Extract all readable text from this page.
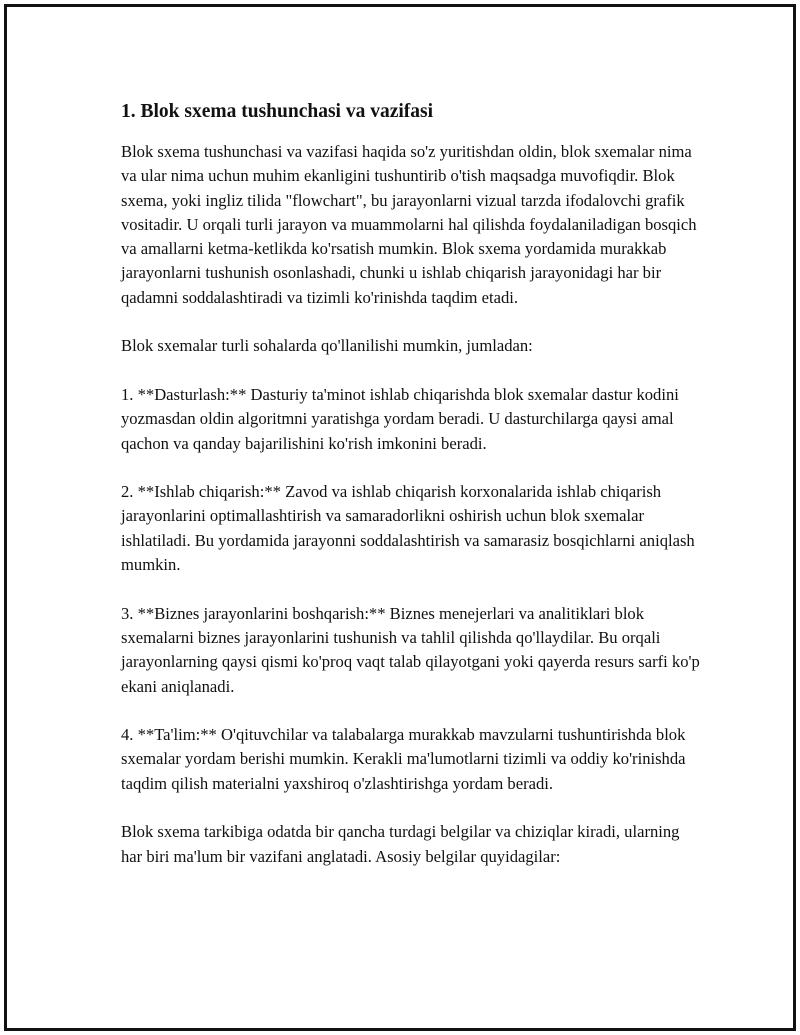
1. Blok sxema tushunchasi va vazifasi

Blok sxema tushunchasi va vazifasi haqida so'z yuritishdan oldin, blok sxemalar nima va ular nima uchun muhim ekanligini tushuntirib o'tish maqsadga muvofiqdir. Blok sxema, yoki ingliz tilida "flowchart", bu jarayonlarni vizual tarzda ifodalovchi grafik vositadir. U orqali turli jarayon va muammolarni hal qilishda foydalaniladigan bosqich va amallarni ketma-ketlikda ko'rsatish mumkin. Blok sxema yordamida murakkab jarayonlarni tushunish osonlashadi, chunki u ishlab chiqarish jarayonidagi har bir qadamni soddalashtiradi va tizimli ko'rinishda taqdim etadi.

Blok sxemalar turli sohalarda qo'llanilishi mumkin, jumladan:

1. **Dasturlash:** Dasturiy ta'minot ishlab chiqarishda blok sxemalar dastur kodini yozmasdan oldin algoritmni yaratishga yordam beradi. U dasturchilarga qaysi amal qachon va qanday bajarilishini ko'rish imkonini beradi.

2. **Ishlab chiqarish:** Zavod va ishlab chiqarish korxonalarida ishlab chiqarish jarayonlarini optimallashtirish va samaradorlikni oshirish uchun blok sxemalar ishlatiladi. Bu yordamida jarayonni soddalashtirish va samarasiz bosqichlarni aniqlash mumkin.

3. **Biznes jarayonlarini boshqarish:** Biznes menejerlari va analitiklari blok sxemalarni biznes jarayonlarini tushunish va tahlil qilishda qo'llaydilar. Bu orqali jarayonlarning qaysi qismi ko'proq vaqt talab qilayotgani yoki qayerda resurs sarfi ko'p ekani aniqlanadi.

4. **Ta'lim:** O'qituvchilar va talabalarga murakkab mavzularni tushuntirishda blok sxemalar yordam berishi mumkin. Kerakli ma'lumotlarni tizimli va oddiy ko'rinishda taqdim qilish materialni yaxshiroq o'zlashtirishga yordam beradi.

Blok sxema tarkibiga odatda bir qancha turdagi belgilar va chiziqlar kiradi, ularning har biri ma'lum bir vazifani anglatadi. Asosiy belgilar quyidagilar:
